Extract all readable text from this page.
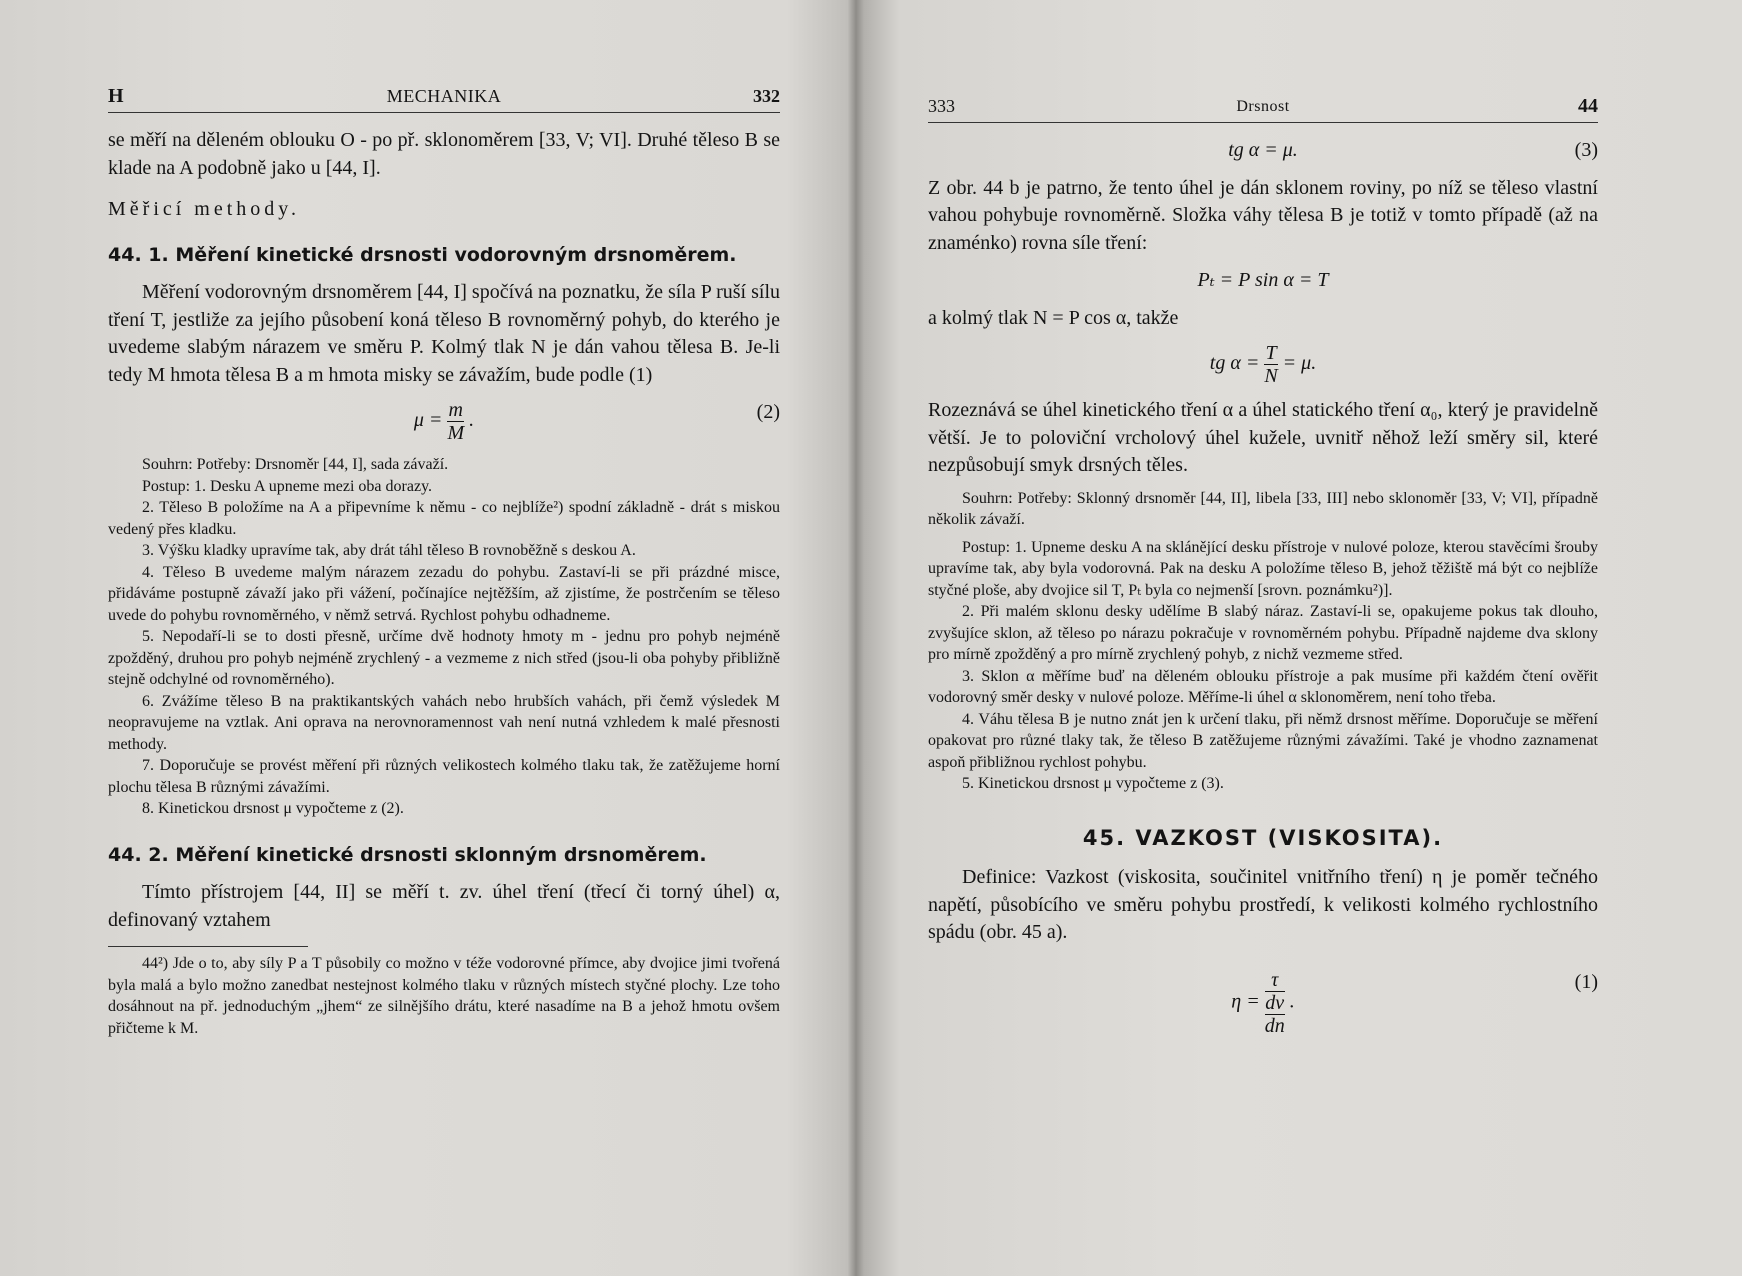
H	MECHANIKA	332

se měří na děleném oblouku O - po př. sklonoměrem [33, V; VI]. Druhé těleso B se klade na A podobně jako u [44, I].

Měřicí methody.

44. 1. Měření kinetické drsnosti vodorovným drsnoměrem.

Měření vodorovným drsnoměrem [44, I] spočívá na poznatku, že síla P ruší sílu tření T, jestliže za jejího působení koná těleso B rovnoměrný pohyb, do kterého je uvedeme slabým nárazem ve směru P. Kolmý tlak N je dán vahou tělesa B. Je-li tedy M hmota tělesa B a m hmota misky se závažím, bude podle (1)

$\mu = \frac{m}{M}$ .	(2)

Souhrn: Potřeby: Drsnoměr [44, I], sada závaží.

Postup: 1. Desku A upneme mezi oba dorazy.

2. Těleso B položíme na A a připevníme k němu - co nejblíže²) spodní základně - drát s miskou vedený přes kladku.

3. Výšku kladky upravíme tak, aby drát táhl těleso B rovnoběžně s deskou A.

4. Těleso B uvedeme malým nárazem zezadu do pohybu. Zastaví-li se při prázdné misce, přidáváme postupně závaží jako při vážení, počínajíce nejtěžším, až zjistíme, že postrčením se těleso uvede do pohybu rovnoměrného, v němž setrvá. Rychlost pohybu odhadneme.

5. Nepodaří-li se to dosti přesně, určíme dvě hodnoty hmoty m - jednu pro pohyb nejméně zpožděný, druhou pro pohyb nejméně zrychlený - a vezmeme z nich střed (jsou-li oba pohyby přibližně stejně odchylné od rovnoměrného).

6. Zvážíme těleso B na praktikantských vahách nebo hrubších vahách, při čemž výsledek M neopravujeme na vztlak. Ani oprava na nerovnoramennost vah není nutná vzhledem k malé přesnosti methody.

7. Doporučuje se provést měření při různých velikostech kolmého tlaku tak, že zatěžujeme horní plochu tělesa B různými závažími.

8. Kinetickou drsnost μ vypočteme z (2).

44. 2. Měření kinetické drsnosti sklonným drsnoměrem.

Tímto přístrojem [44, II] se měří t. zv. úhel tření (třecí či torný úhel) α, definovaný vztahem

44²) Jde o to, aby síly P a T působily co možno v téže vodorovné přímce, aby dvojice jimi tvořená byla malá a bylo možno zanedbat nestejnost kolmého tlaku v různých místech styčné plochy. Lze toho dosáhnout na př. jednoduchým „jhem“ ze silnějšího drátu, které nasadíme na B a jehož hmotu ovšem přičteme k M.

333	Drsnost	44
tg α = μ.	(3)

Z obr. 44 b je patrno, že tento úhel je dán sklonem roviny, po níž se těleso vlastní vahou pohybuje rovnoměrně. Složka váhy tělesa B je totiž v tomto případě (až na znaménko) rovna síle tření:

Pₜ = P sin α = T

a kolmý tlak N = P cos α, takže

tg $\alpha = \frac{T}{N} = \mu$.

Rozeznává se úhel kinetického tření α a úhel statického tření α₀, který je pravidelně větší. Je to poloviční vrcholový úhel kužele, uvnitř něhož leží směry sil, které nezpůsobují smyk drsných těles.

Souhrn: Potřeby: Sklonný drsnoměr [44, II], libela [33, III] nebo sklonoměr [33, V; VI], případně několik závaží.

Postup: 1. Upneme desku A na sklánějící desku přístroje v nulové poloze, kterou stavěcími šrouby upravíme tak, aby byla vodorovná. Pak na desku A položíme těleso B, jehož těžiště má být co nejblíže styčné ploše, aby dvojice sil T, Pₜ byla co nejmenší [srovn. poznámku²)].

2. Při malém sklonu desky udělíme B slabý náraz. Zastaví-li se, opakujeme pokus tak dlouho, zvyšujíce sklon, až těleso po nárazu pokračuje v rovnoměrném pohybu. Případně najdeme dva sklony pro mírně zpožděný a pro mírně zrychlený pohyb, z nichž vezmeme střed.

3. Sklon α měříme buď na děleném oblouku přístroje a pak musíme při každém čtení ověřit vodorovný směr desky v nulové poloze. Měříme-li úhel α sklonoměrem, není toho třeba.

4. Váhu tělesa B je nutno znát jen k určení tlaku, při němž drsnost měříme. Doporučuje se měření opakovat pro různé tlaky tak, že těleso B zatěžujeme různými závažími. Také je vhodno zaznamenat aspoň přibližnou rychlost pohybu.

5. Kinetickou drsnost μ vypočteme z (3).

45. VAZKOST (VISKOSITA).

Definice: Vazkost (viskosita, součinitel vnitřního tření) η je poměr tečného napětí, působícího ve směru pohybu prostředí, k velikosti kolmého rychlostního spádu (obr. 45 a).

$\eta = \frac{\tau}{\frac{dv}{dn}}$ .
(1)
